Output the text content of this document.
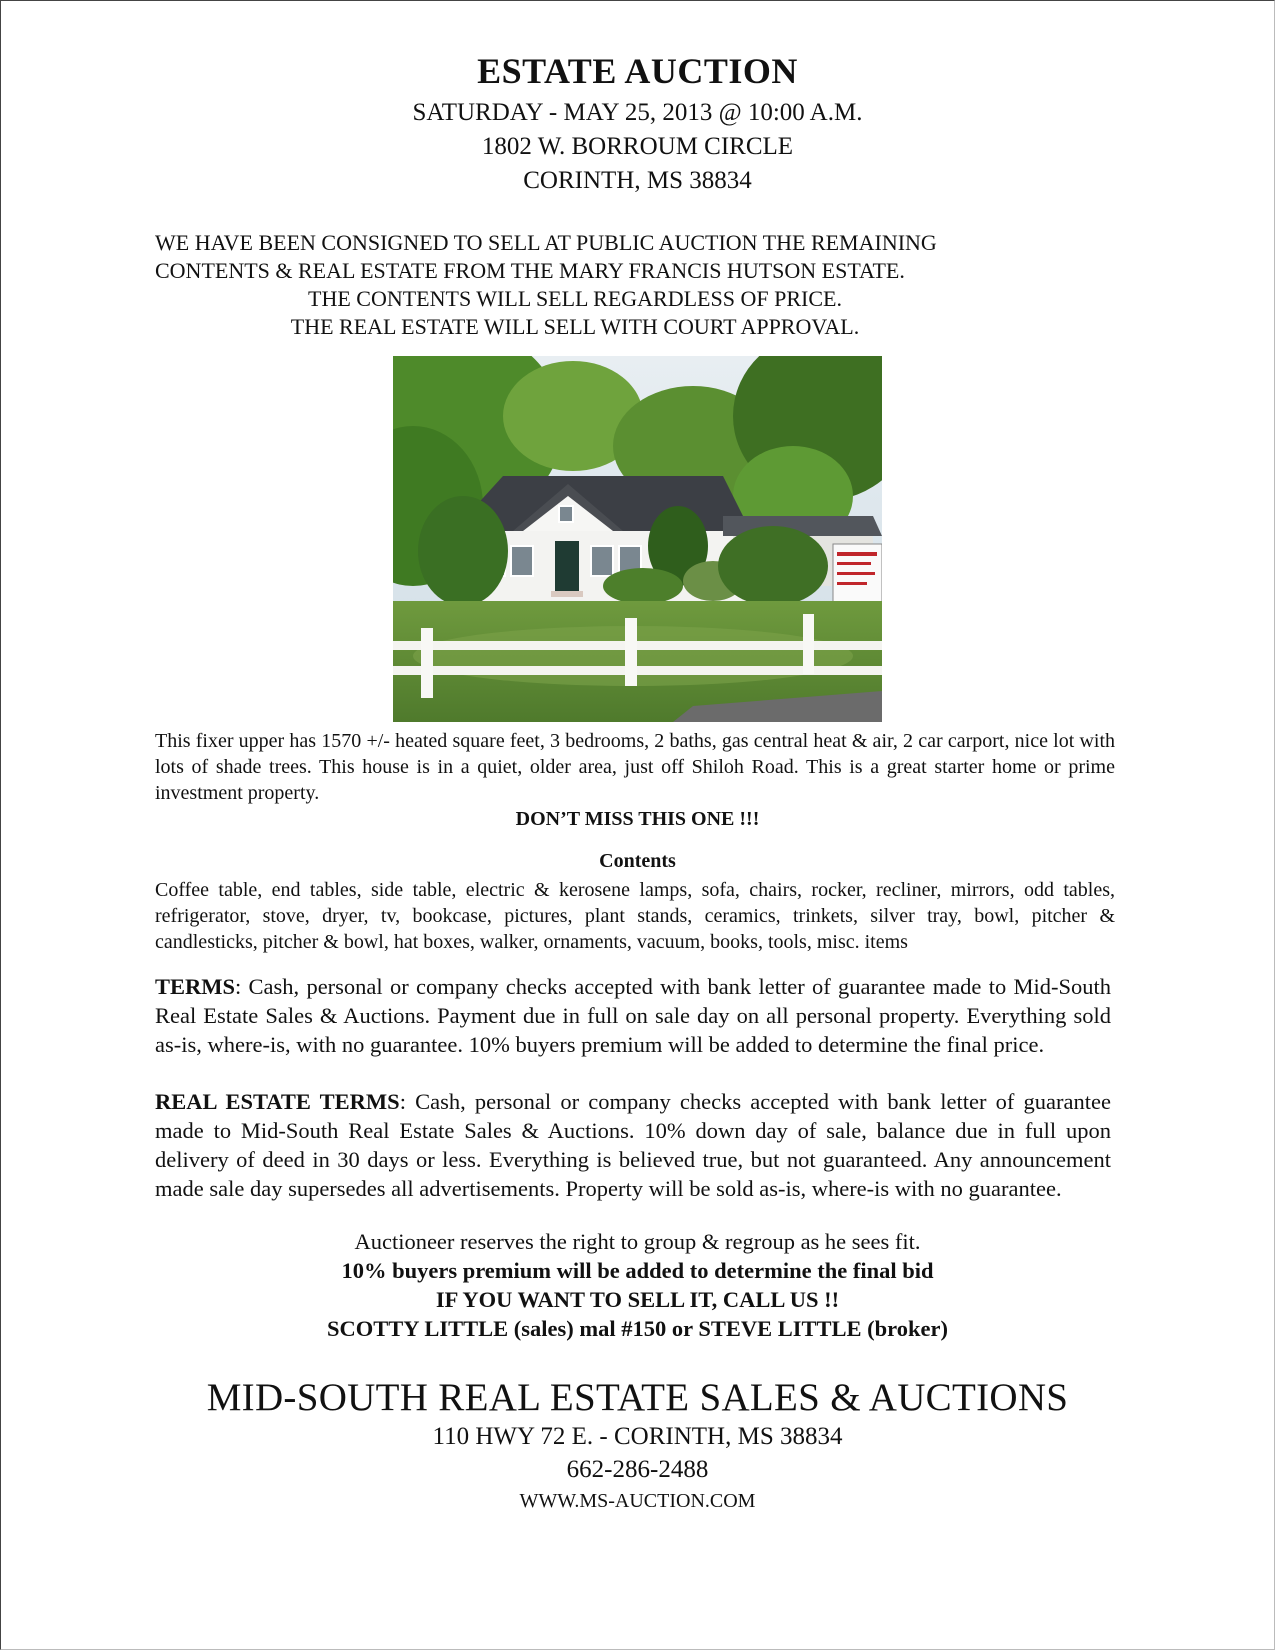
ESTATE AUCTION
SATURDAY - MAY 25, 2013 @ 10:00 A.M.
1802 W. BORROUM CIRCLE
CORINTH, MS 38834
WE HAVE BEEN CONSIGNED TO SELL AT PUBLIC AUCTION THE REMAINING
CONTENTS & REAL ESTATE FROM THE MARY FRANCIS HUTSON ESTATE.
THE CONTENTS WILL SELL REGARDLESS OF PRICE.
THE REAL ESTATE WILL SELL WITH COURT APPROVAL.
This fixer upper has 1570 +/- heated square feet, 3 bedrooms, 2 baths, gas central heat & air, 2 car carport, nice lot with lots of shade trees. This house is in a quiet, older area, just off Shiloh Road. This is a great starter home or prime investment property.
DON’T MISS THIS ONE !!!
Contents
Coffee table, end tables, side table, electric & kerosene lamps, sofa, chairs, rocker, recliner, mirrors, odd tables, refrigerator, stove, dryer, tv, bookcase, pictures, plant stands, ceramics, trinkets, silver tray, bowl, pitcher & candlesticks, pitcher & bowl, hat boxes, walker, ornaments, vacuum, books, tools, misc. items
TERMS: Cash, personal or company checks accepted with bank letter of guarantee made to Mid-South Real Estate Sales & Auctions. Payment due in full on sale day on all personal property. Everything sold as-is, where-is, with no guarantee. 10% buyers premium will be added to determine the final price.
REAL ESTATE TERMS: Cash, personal or company checks accepted with bank letter of guarantee made to Mid-South Real Estate Sales & Auctions. 10% down day of sale, balance due in full upon delivery of deed in 30 days or less. Everything is believed true, but not guaranteed. Any announcement made sale day supersedes all advertisements. Property will be sold as-is, where-is with no guarantee.
Auctioneer reserves the right to group & regroup as he sees fit.
10% buyers premium will be added to determine the final bid
IF YOU WANT TO SELL IT, CALL US !!
SCOTTY LITTLE (sales) mal #150 or STEVE LITTLE (broker)
MID-SOUTH REAL ESTATE SALES & AUCTIONS
110 HWY 72 E. - CORINTH, MS 38834
662-286-2488
WWW.MS-AUCTION.COM
